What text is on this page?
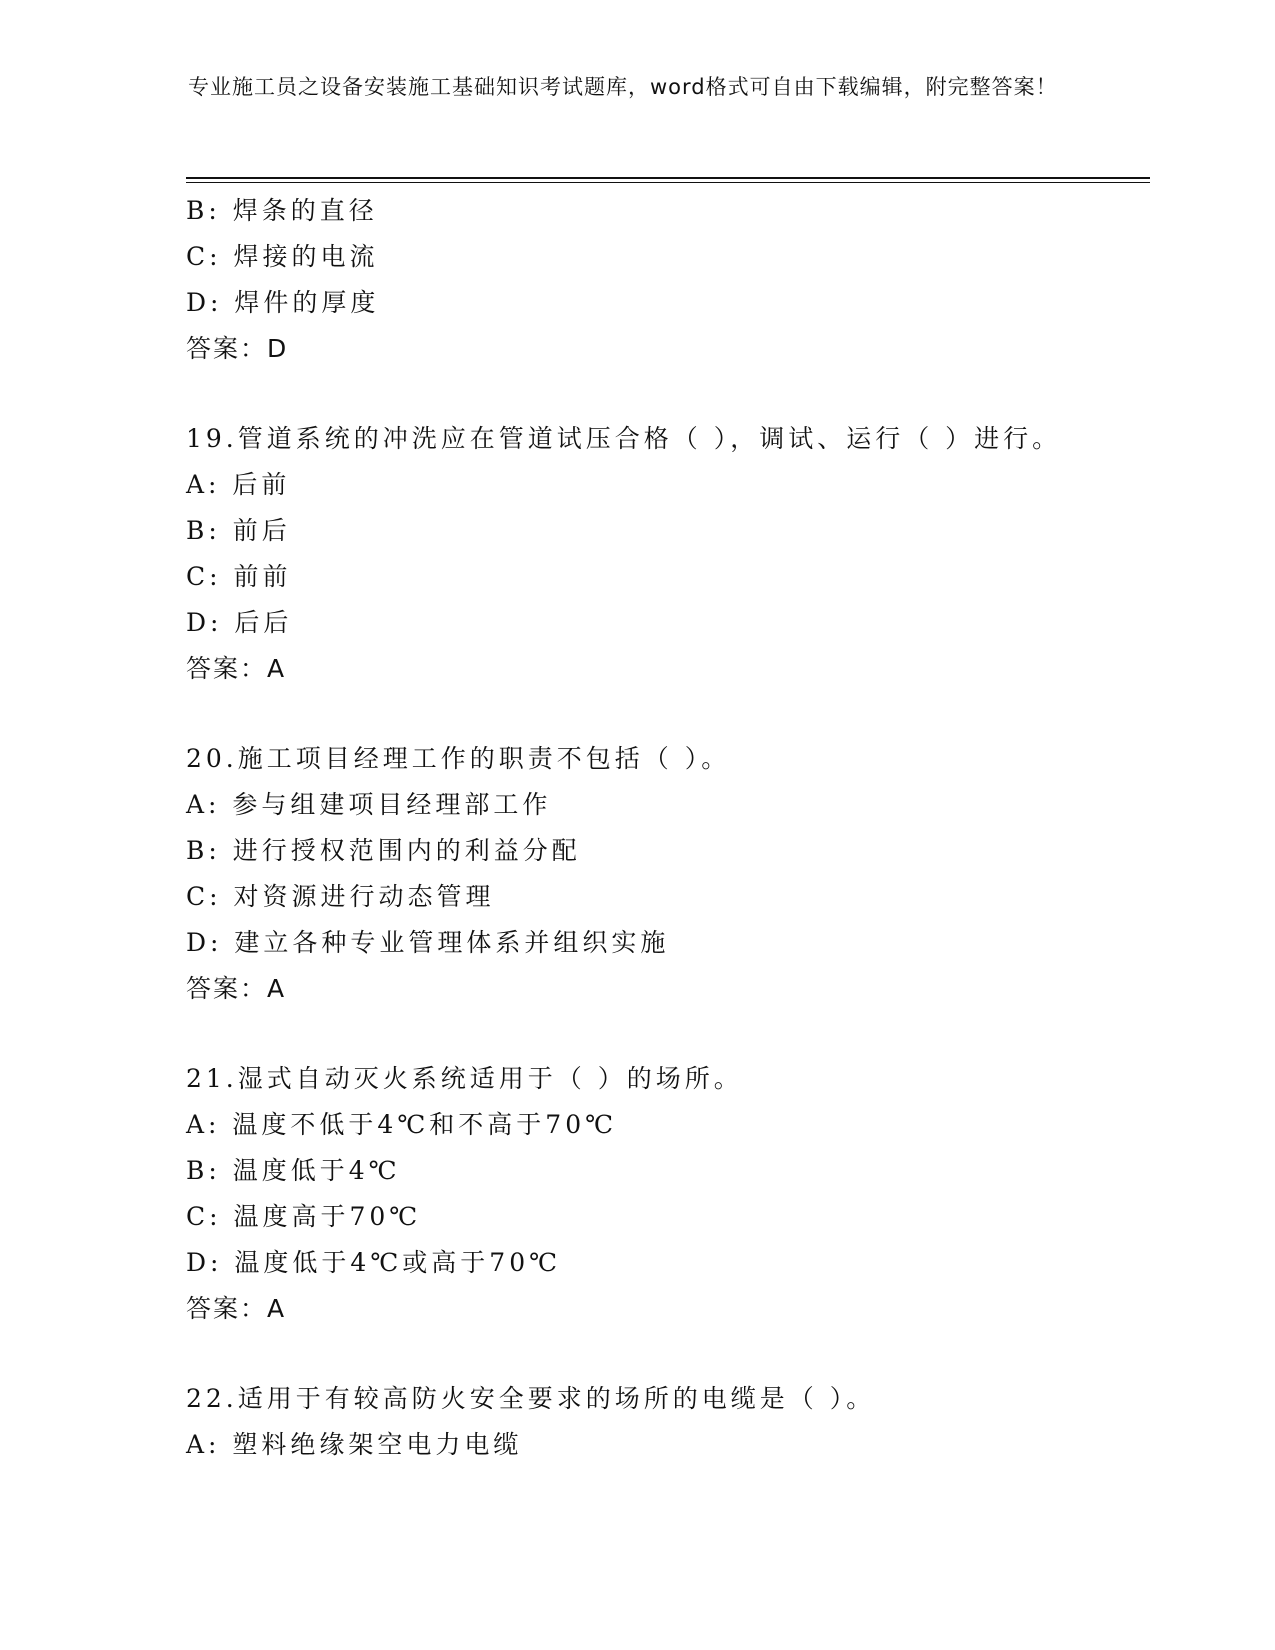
专业施工员之设备安装施工基础知识考试题库，word格式可自由下载编辑，附完整答案！
B: 焊条的直径
C: 焊接的电流
D: 焊件的厚度
答案：D
19.管道系统的冲洗应在管道试压合格（ ），调试、运行（ ）进行。
A: 后前
B: 前后
C: 前前
D: 后后
答案：A
20.施工项目经理工作的职责不包括（ ）。
A: 参与组建项目经理部工作
B: 进行授权范围内的利益分配
C: 对资源进行动态管理
D: 建立各种专业管理体系并组织实施
答案：A
21.湿式自动灭火系统适用于（ ）的场所。
A: 温度不低于4℃和不高于70℃
B: 温度低于4℃
C: 温度高于70℃
D: 温度低于4℃或高于70℃
答案：A
22.适用于有较高防火安全要求的场所的电缆是（ ）。
A: 塑料绝缘架空电力电缆
